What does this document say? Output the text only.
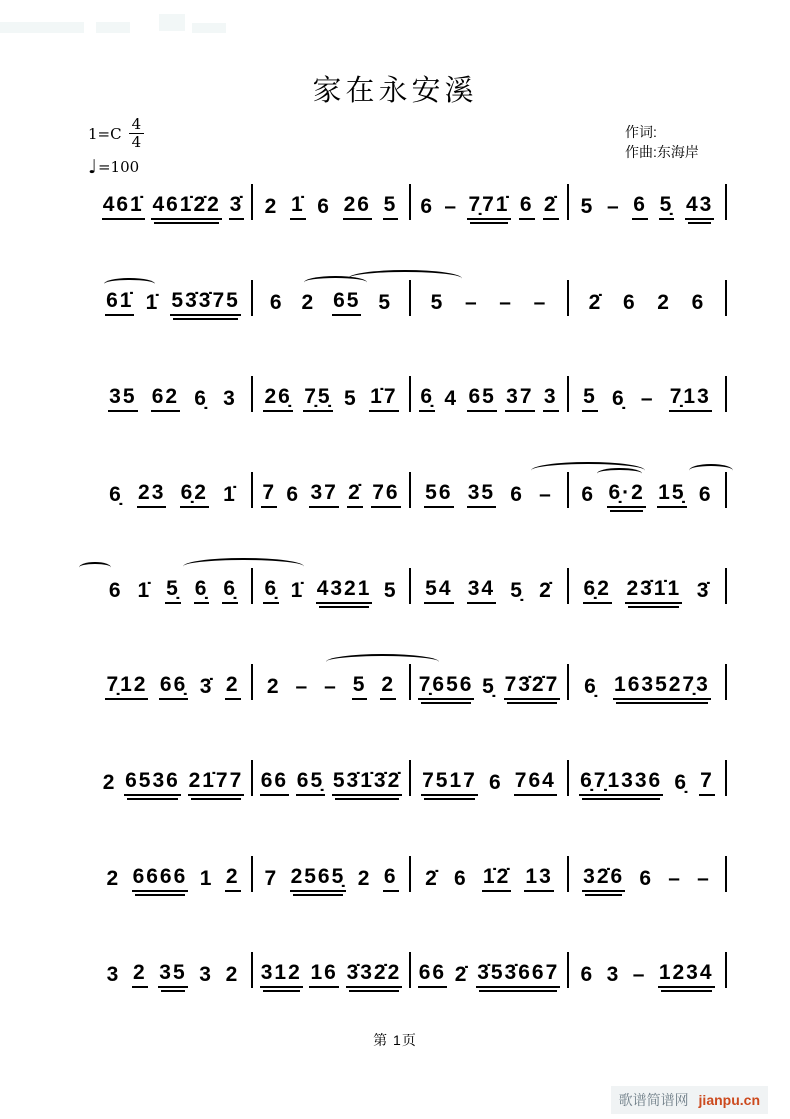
家在永安溪
$1=C \frac{4}{4}$
♩ =100
作词:
作曲:东海岸
461̇ 461̇2̇2 3̇ 2 1̇ 6 26 5 6 – 7̣71̇ 6 2̇ 5 – 6 5̣ 43
61̇ 1̇ 53̇3̇75 6 2 65 5 5 – – – 2̇ 6 2 6
35 62 6̣ 3 26̣ 7̣5̣ 5 1̇7 6̣ 4 65 37 3 5 6̣ – 7̣13
6̣ 23 6̣2 1̇ 7 6 37 2̇ 76 56 35 6 – 6 6̣·2 15̣ 6
6 1̇ 5̣ 6̣ 6̣ 6̣ 1̇ 4321 5 54 34 5̣ 2̇ 6̣2 23̇1̇1 3̇
7̣12 66̣ 3̇ 2 2 – – 5 2 7̣656 5̣ 73̇2̇7 6̣ 163527̣3
2 6536 21̇77 66 65̣ 53̇1̇3̇2̇ 7517 6 764 6̣7̣1336 6̣ 7
2 6666 1 2 7 2565̣ 2 6 2̇ 6 1̇2̇ 13 32̇6 6 – –
3 2 35 3 2 312 16 3̇32̇2 66 2̇ 3̇53̇667 6 3 – 1234
第 1页
歌谱简谱网 jianpu.cn
